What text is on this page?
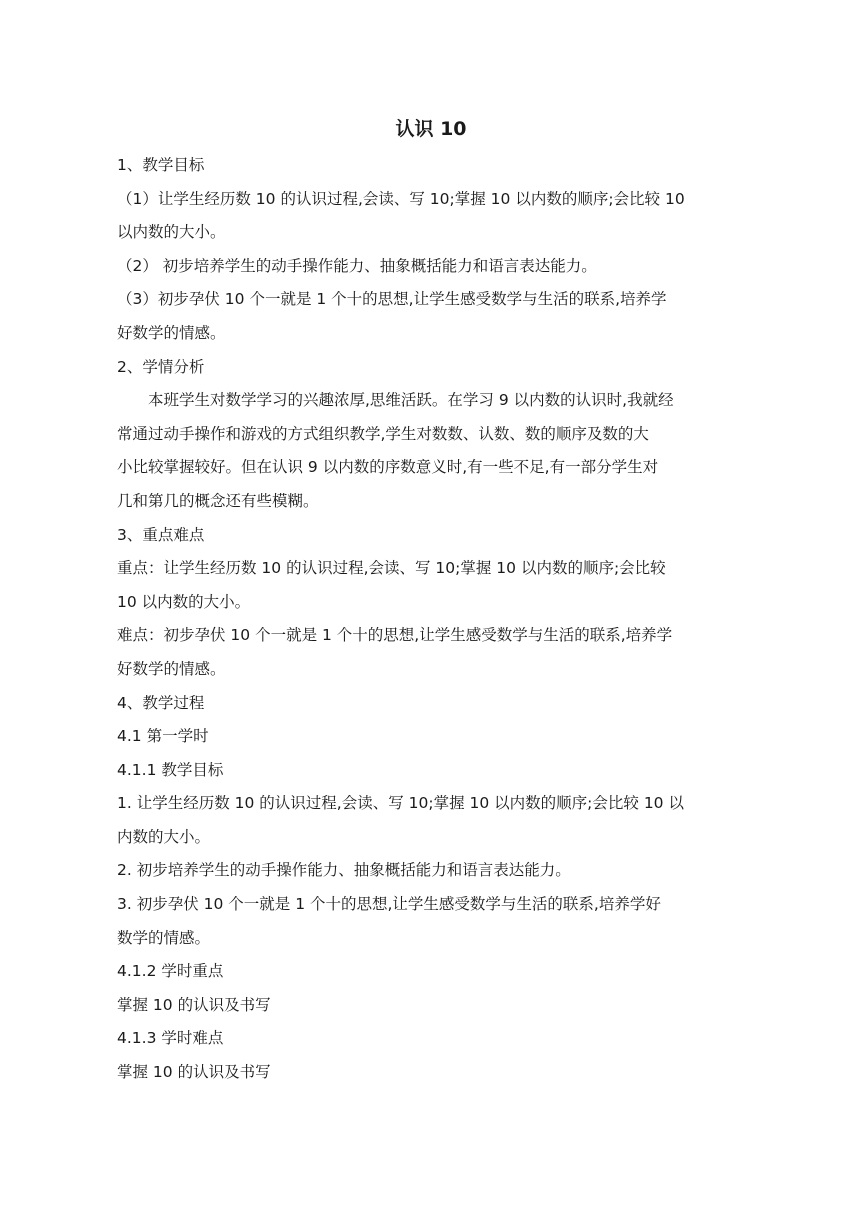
认识 10
1、教学目标
（1）让学生经历数 10 的认识过程,会读、写 10;掌握 10 以内数的顺序;会比较 10
以内数的大小。
（2） 初步培养学生的动手操作能力、抽象概括能力和语言表达能力。
（3）初步孕伏 10 个一就是 1 个十的思想,让学生感受数学与生活的联系,培养学
好数学的情感。
2、学情分析
本班学生对数学学习的兴趣浓厚,思维活跃。在学习 9 以内数的认识时,我就经
常通过动手操作和游戏的方式组织教学,学生对数数、认数、数的顺序及数的大
小比较掌握较好。但在认识 9 以内数的序数意义时,有一些不足,有一部分学生对
几和第几的概念还有些模糊。
3、重点难点
重点：让学生经历数 10 的认识过程,会读、写 10;掌握 10 以内数的顺序;会比较
10 以内数的大小。
难点：初步孕伏 10 个一就是 1 个十的思想,让学生感受数学与生活的联系,培养学
好数学的情感。
4、教学过程
4.1 第一学时
4.1.1 教学目标
1. 让学生经历数 10 的认识过程,会读、写 10;掌握 10 以内数的顺序;会比较 10 以
内数的大小。
2. 初步培养学生的动手操作能力、抽象概括能力和语言表达能力。
3. 初步孕伏 10 个一就是 1 个十的思想,让学生感受数学与生活的联系,培养学好
数学的情感。
4.1.2 学时重点
掌握 10 的认识及书写
4.1.3 学时难点
掌握 10 的认识及书写
